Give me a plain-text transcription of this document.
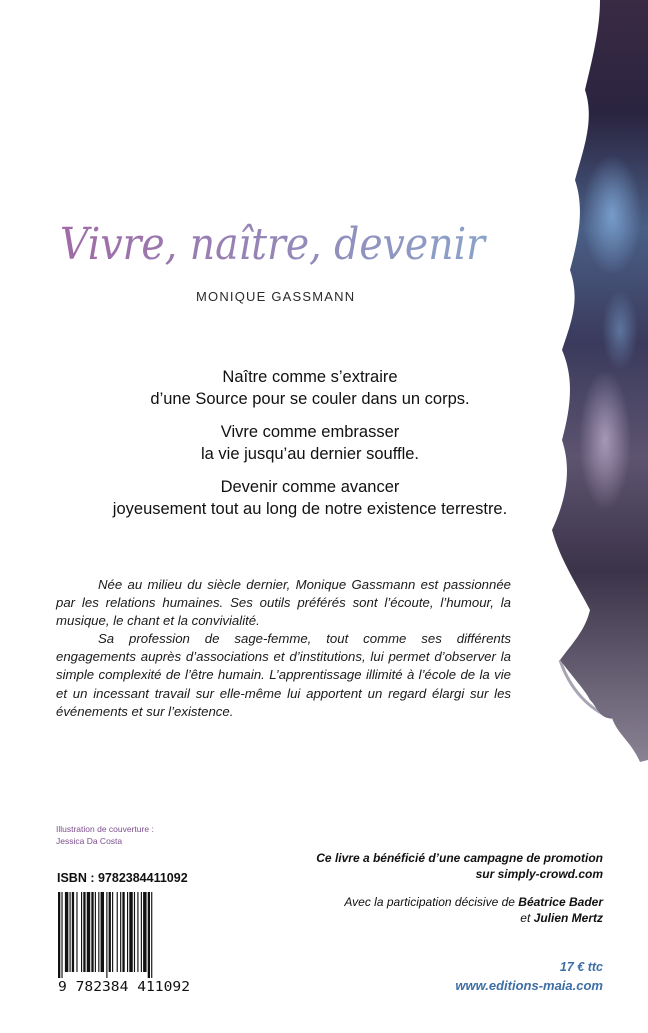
Vivre, naître, devenir
MONIQUE GASSMANN
Naître comme s’extraire
d’une Source pour se couler dans un corps.
Vivre comme embrasser
la vie jusqu’au dernier souffle.
Devenir comme avancer
joyeusement tout au long de notre existence terrestre.

Née au milieu du siècle dernier, Monique Gassmann est passionnée par les relations humaines. Ses outils préférés sont l’écoute, l’humour, la musique, le chant et la convivialité.

Sa profession de sage-femme, tout comme ses différents engagements auprès d’associations et d’institutions, lui permet d’observer la simple complexité de l’être humain. L’apprentissage illimité à l’école de la vie et un incessant travail sur elle-même lui apportent un regard élargi sur les événements et sur l’existence.

Illustration de couverture :
Jessica Da Costa
ISBN : 9782384411092
9 782384 411092
Ce livre a bénéficié d’une campagne de promotion
sur simply-crowd.com
Avec la participation décisive de Béatrice Bader
et Julien Mertz
17 € ttc
www.editions-maia.com
